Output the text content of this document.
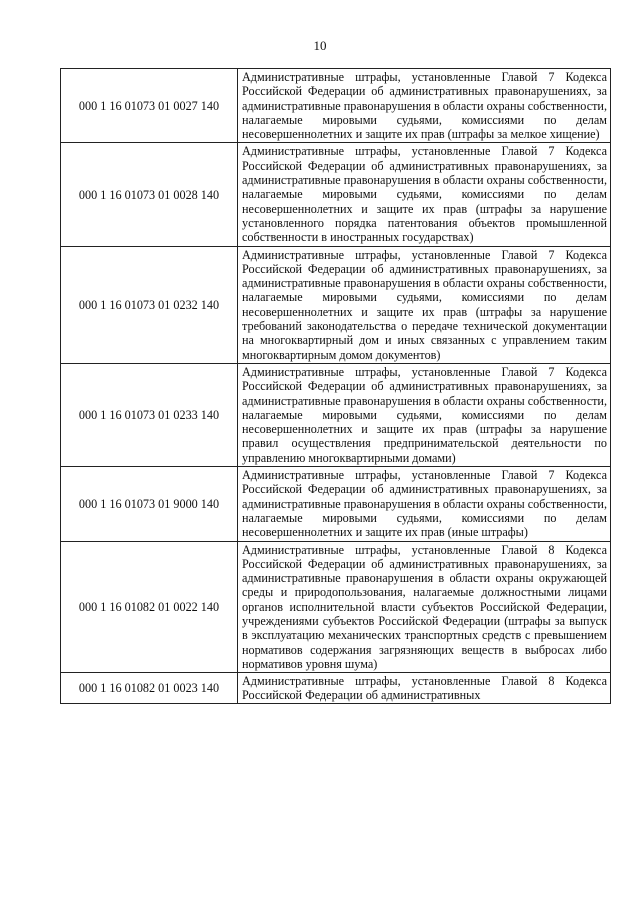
10
000 1 16 01073 01 0027 140	Административные штрафы, установленные Главой 7 Кодекса Российской Федерации об административных правонарушениях, за административные правонарушения в области охраны собственности, налагаемые мировыми судьями, комиссиями по делам несовершеннолетних и защите их прав (штрафы за мелкое хищение)

000 1 16 01073 01 0028 140	Административные штрафы, установленные Главой 7 Кодекса Российской Федерации об административных правонарушениях, за административные правонарушения в области охраны собственности, налагаемые мировыми судьями, комиссиями по делам несовершеннолетних и защите их прав (штрафы за нарушение установленного порядка патентования объектов промышленной собственности в иностранных государствах)

000 1 16 01073 01 0232 140	Административные штрафы, установленные Главой 7 Кодекса Российской Федерации об административных правонарушениях, за административные правонарушения в области охраны собственности, налагаемые мировыми судьями, комиссиями по делам несовершеннолетних и защите их прав (штрафы за нарушение требований законодательства о передаче технической документации на многоквартирный дом и иных связанных с управлением таким многоквартирным домом документов)

000 1 16 01073 01 0233 140	Административные штрафы, установленные Главой 7 Кодекса Российской Федерации об административных правонарушениях, за административные правонарушения в области охраны собственности, налагаемые мировыми судьями, комиссиями по делам несовершеннолетних и защите их прав (штрафы за нарушение правил осуществления предпринимательской деятельности по управлению многоквартирными домами)

000 1 16 01073 01 9000 140	Административные штрафы, установленные Главой 7 Кодекса Российской Федерации об административных правонарушениях, за административные правонарушения в области охраны собственности, налагаемые мировыми судьями, комиссиями по делам несовершеннолетних и защите их прав (иные штрафы)

000 1 16 01082 01 0022 140	Административные штрафы, установленные Главой 8 Кодекса Российской Федерации об административных правонарушениях, за административные правонарушения в области охраны окружающей среды и природопользования, налагаемые должностными лицами органов исполнительной власти субъектов Российской Федерации, учреждениями субъектов Российской Федерации (штрафы за выпуск в эксплуатацию механических транспортных средств с превышением нормативов содержания загрязняющих веществ в выбросах либо нормативов уровня шума)

000 1 16 01082 01 0023 140	Административные штрафы, установленные Главой 8 Кодекса Российской Федерации об административных
